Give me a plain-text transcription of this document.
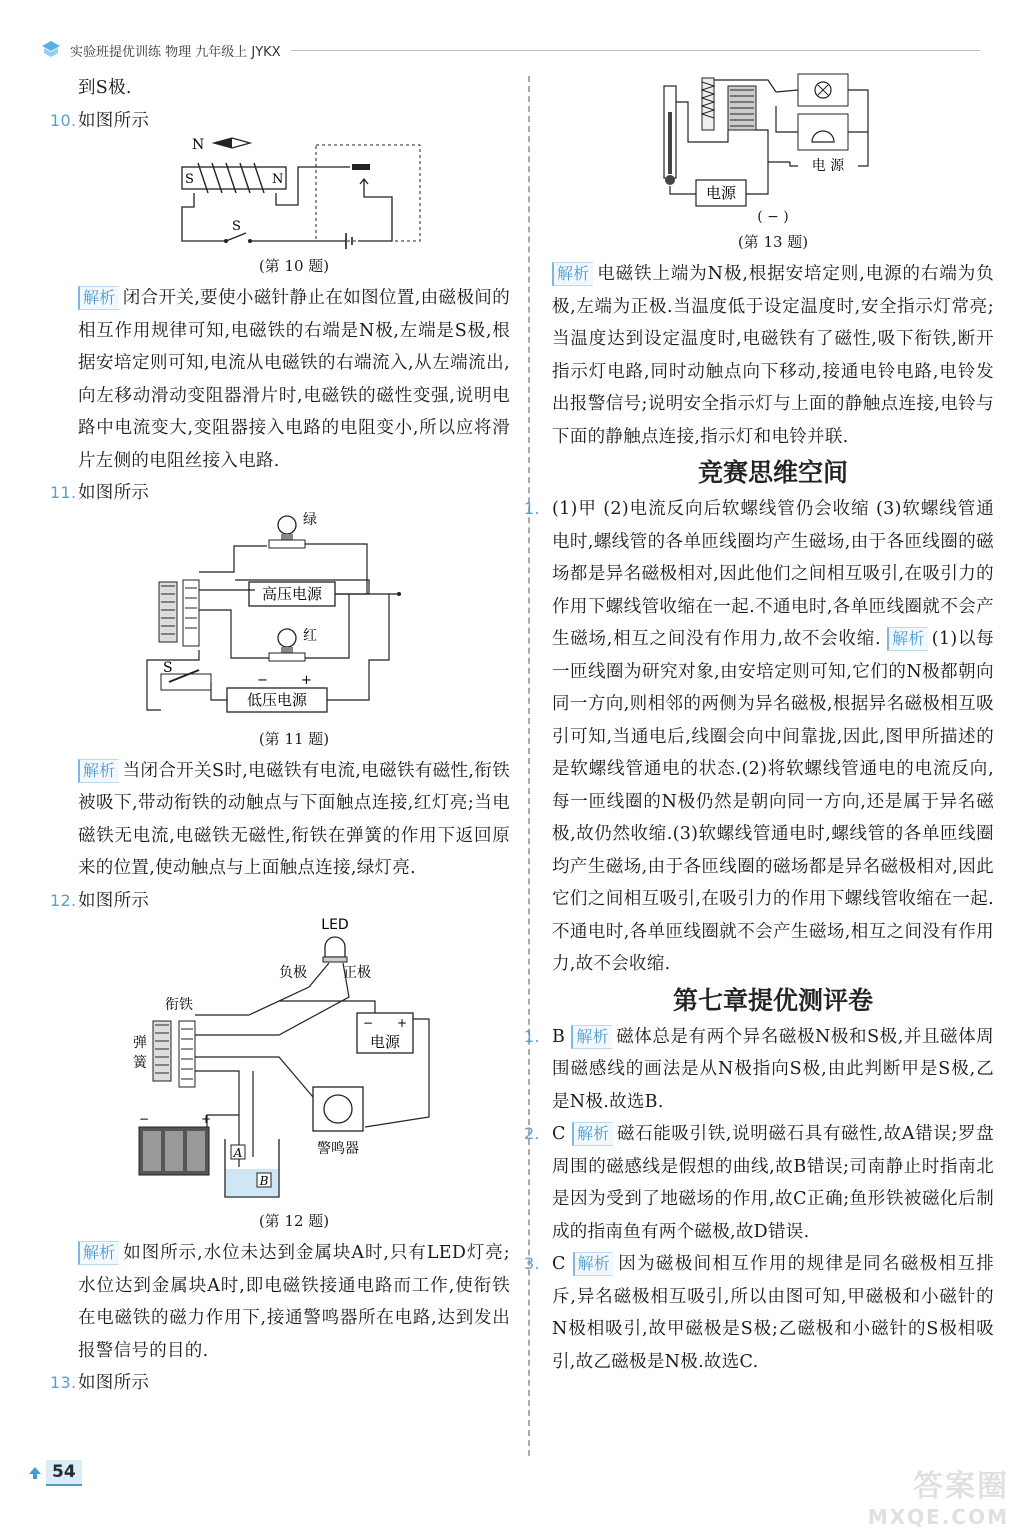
实验班提优训练 物理 九年级上 JYKX
到S极.
10.如图所示
N
S	N
S
(第 10 题)
解析 闭合开关,要使小磁针静止在如图位置,由磁极间的相互作用规律可知,电磁铁的右端是N极,左端是S极,根据安培定则可知,电流从电磁铁的右端流入,从左端流出,向左移动滑动变阻器滑片时,电磁铁的磁性变强,说明电路中电流变大,变阻器接入电路的电阻变小,所以应将滑片左侧的电阻丝接入电路.
11.如图所示
绿
红
高压电源
S
低压电源
−	+
(第 11 题)
解析 当闭合开关S时,电磁铁有电流,电磁铁有磁性,衔铁被吸下,带动衔铁的动触点与下面触点连接,红灯亮;当电磁铁无电流,电磁铁无磁性,衔铁在弹簧的作用下返回原来的位置,使动触点与上面触点连接,绿灯亮.
12.如图所示
LED
负极	正极
衔铁
弹
簧
− +
电源
警鸣器
−	+
A
B
(第 12 题)
解析 如图所示,水位未达到金属块A时,只有LED灯亮;水位达到金属块A时,即电磁铁接通电路而工作,使衔铁在电磁铁的磁力作用下,接通警鸣器所在电路,达到发出报警信号的目的.
13.如图所示
电 源
电源
( − )
(第 13 题)
解析 电磁铁上端为N极,根据安培定则,电源的右端为负极,左端为正极.当温度低于设定温度时,安全指示灯常亮;当温度达到设定温度时,电磁铁有了磁性,吸下衔铁,断开指示灯电路,同时动触点向下移动,接通电铃电路,电铃发出报警信号;说明安全指示灯与上面的静触点连接,电铃与下面的静触点连接,指示灯和电铃并联.
竞赛思维空间
1. (1)甲 (2)电流反向后软螺线管仍会收缩 (3)软螺线管通电时,螺线管的各单匝线圈均产生磁场,由于各匝线圈的磁场都是异名磁极相对,因此他们之间相互吸引,在吸引力的作用下螺线管收缩在一起.不通电时,各单匝线圈就不会产生磁场,相互之间没有作用力,故不会收缩. 解析 (1)以每一匝线圈为研究对象,由安培定则可知,它们的N极都朝向同一方向,则相邻的两侧为异名磁极,根据异名磁极相互吸引可知,当通电后,线圈会向中间靠拢,因此,图甲所描述的是软螺线管通电的状态.(2)将软螺线管通电的电流反向,每一匝线圈的N极仍然是朝向同一方向,还是属于异名磁极,故仍然收缩.(3)软螺线管通电时,螺线管的各单匝线圈均产生磁场,由于各匝线圈的磁场都是异名磁极相对,因此它们之间相互吸引,在吸引力的作用下螺线管收缩在一起.不通电时,各单匝线圈就不会产生磁场,相互之间没有作用力,故不会收缩.
第七章提优测评卷
1. B 解析 磁体总是有两个异名磁极N极和S极,并且磁体周围磁感线的画法是从N极指向S极,由此判断甲是S极,乙是N极.故选B.
2. C 解析 磁石能吸引铁,说明磁石具有磁性,故A错误;罗盘周围的磁感线是假想的曲线,故B错误;司南静止时指南北是因为受到了地磁场的作用,故C正确;鱼形铁被磁化后制成的指南鱼有两个磁极,故D错误.
3. C 解析 因为磁极间相互作用的规律是同名磁极相互排斥,异名磁极相互吸引,所以由图可知,甲磁极和小磁针的N极相吸引,故甲磁极是S极;乙磁极和小磁针的S极相吸引,故乙磁极是N极.故选C.
54	答案圈
MXQE.COM
